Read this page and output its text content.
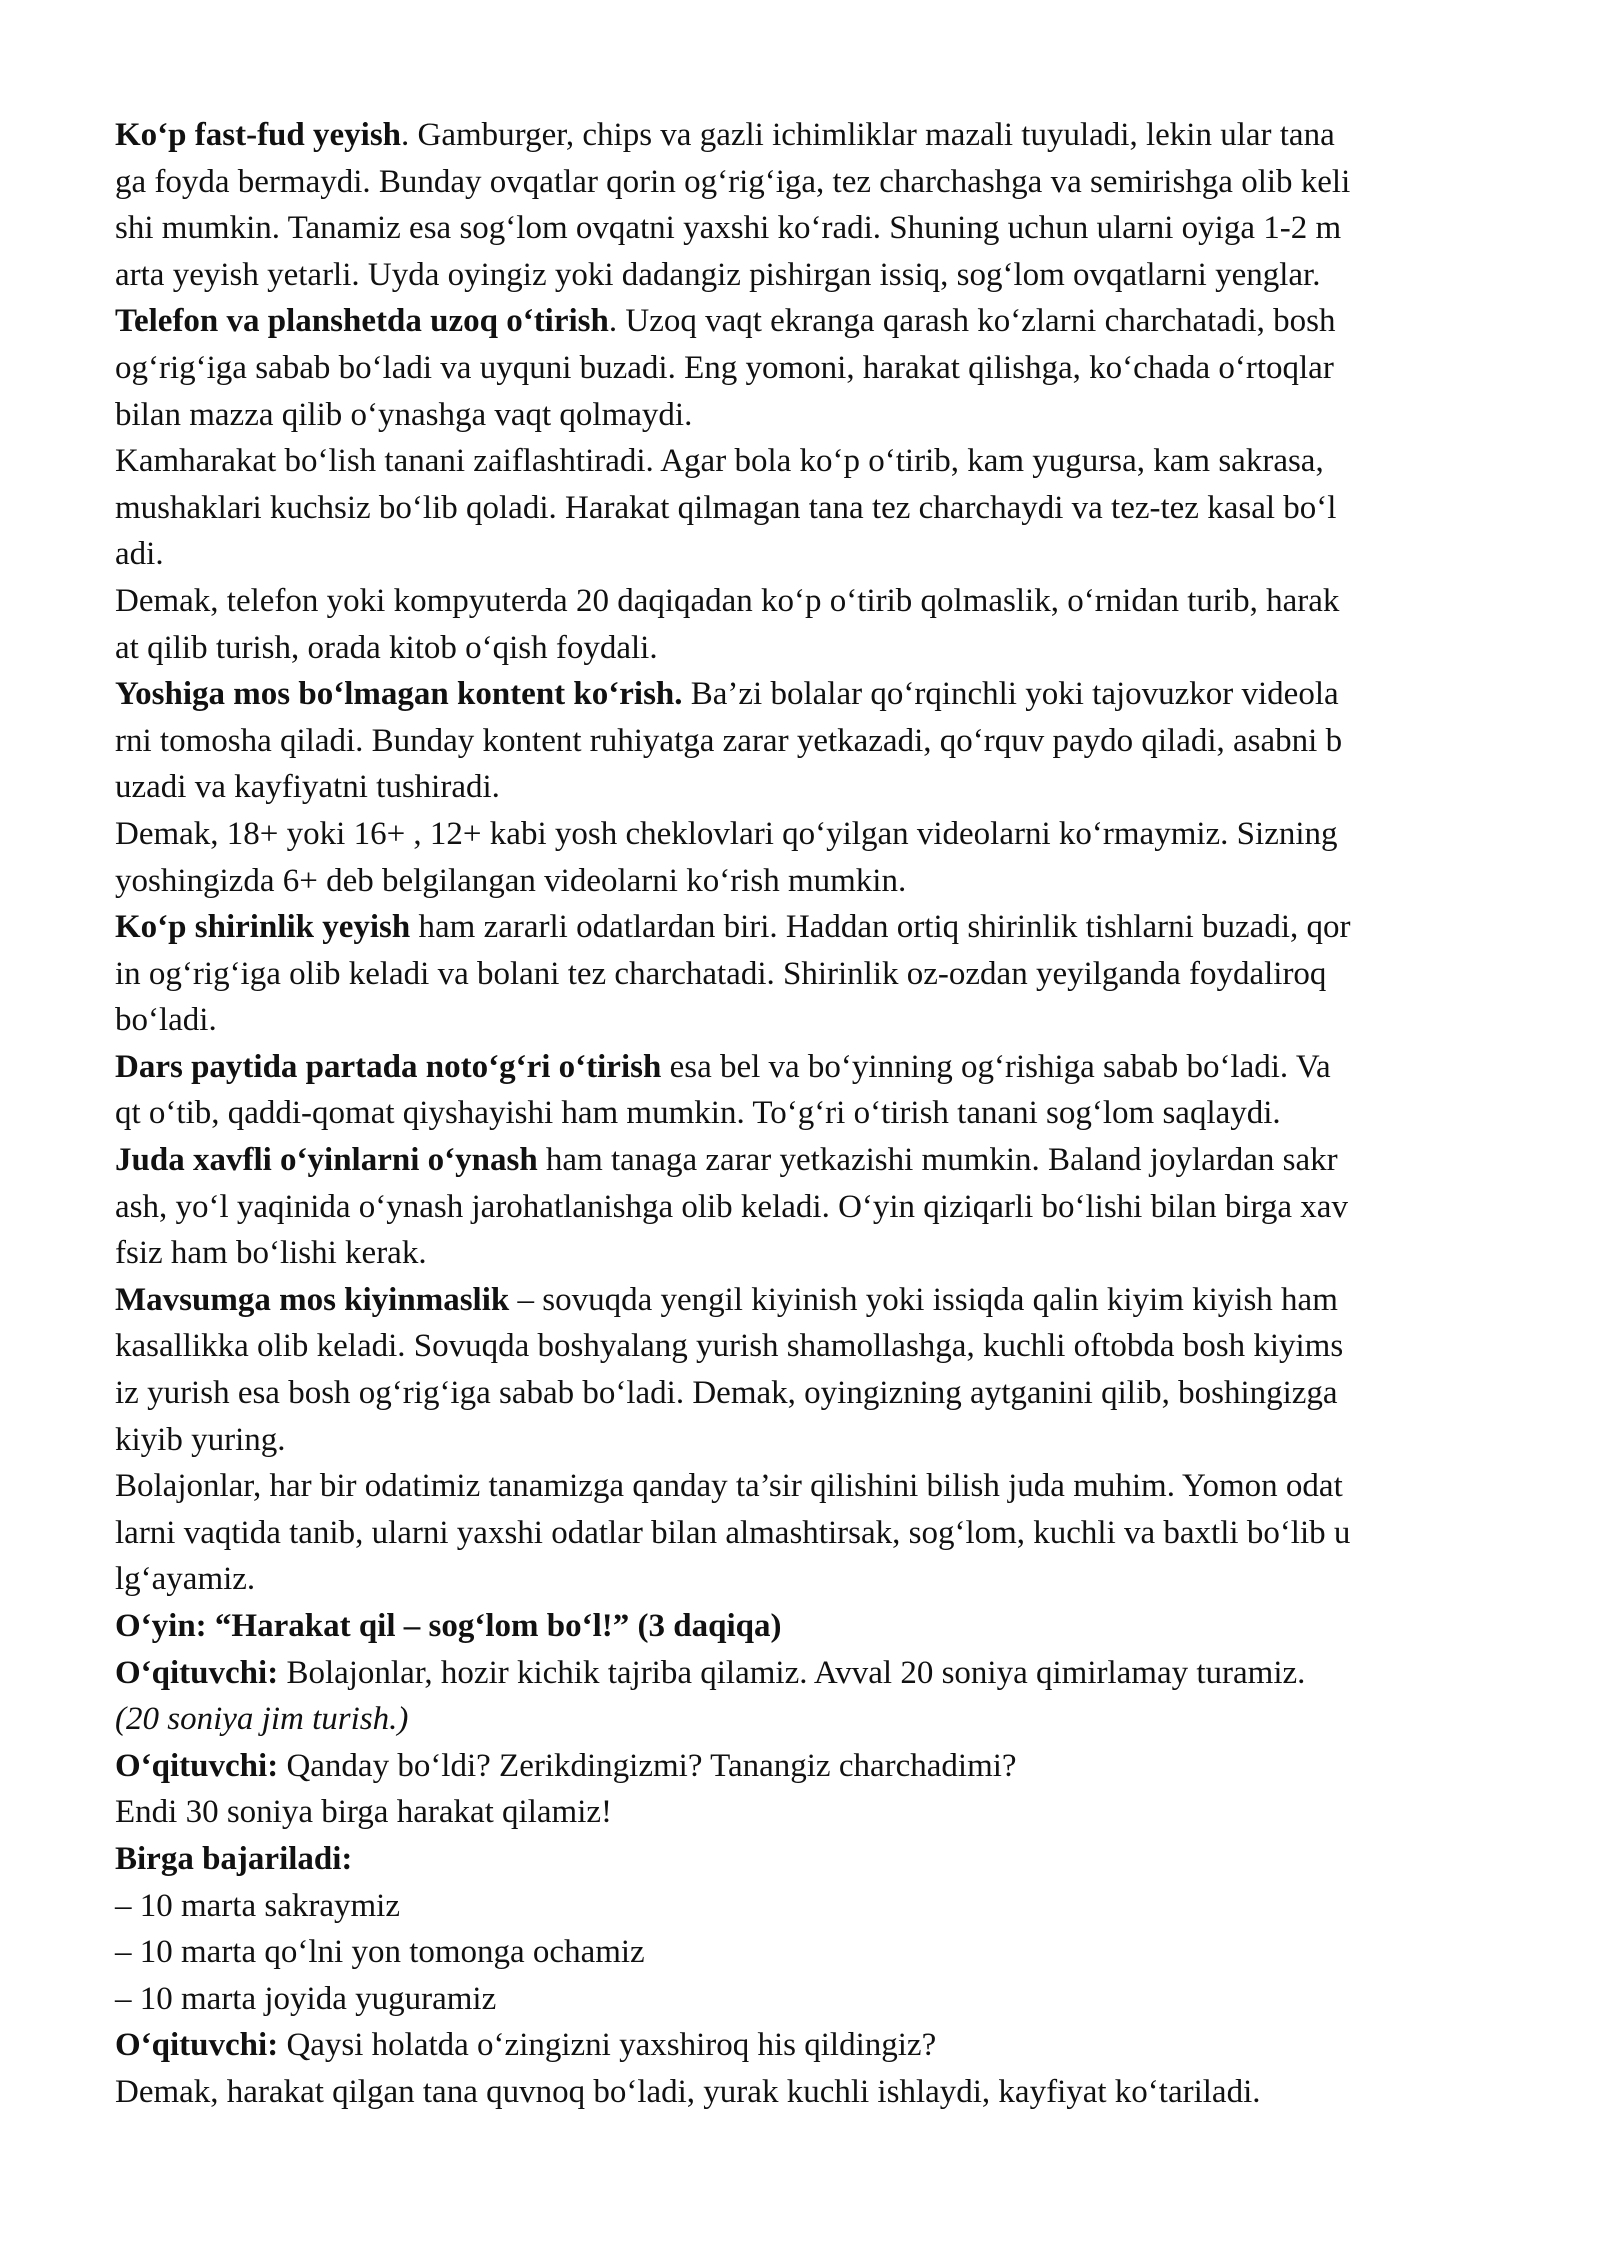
Ko‘p fast-fud yeyish. Gamburger, chips va gazli ichimliklar mazali tuyuladi, lekin ular tana
ga foyda bermaydi. Bunday ovqatlar qorin og‘rig‘iga, tez charchashga va semirishga olib keli
shi mumkin. Tanamiz esa sog‘lom ovqatni yaxshi ko‘radi. Shuning uchun ularni oyiga 1-2 m
arta yeyish yetarli. Uyda oyingiz yoki dadangiz pishirgan issiq, sog‘lom ovqatlarni yenglar.
Telefon va planshetda uzoq o‘tirish. Uzoq vaqt ekranga qarash ko‘zlarni charchatadi, bosh
og‘rig‘iga sabab bo‘ladi va uyquni buzadi. Eng yomoni, harakat qilishga, ko‘chada o‘rtoqlar
bilan mazza qilib o‘ynashga vaqt qolmaydi.
Kamharakat bo‘lish tanani zaiflashtiradi. Agar bola ko‘p o‘tirib, kam yugursa, kam sakrasa,
mushaklari kuchsiz bo‘lib qoladi. Harakat qilmagan tana tez charchaydi va tez-tez kasal bo‘l
adi.
Demak, telefon yoki kompyuterda 20 daqiqadan ko‘p o‘tirib qolmaslik, o‘rnidan turib, harak
at qilib turish, orada kitob o‘qish foydali.
Yoshiga mos bo‘lmagan kontent ko‘rish. Ba’zi bolalar qo‘rqinchli yoki tajovuzkor videola
rni tomosha qiladi. Bunday kontent ruhiyatga zarar yetkazadi, qo‘rquv paydo qiladi, asabni b
uzadi va kayfiyatni tushiradi.
Demak, 18+ yoki 16+ , 12+ kabi yosh cheklovlari qo‘yilgan videolarni ko‘rmaymiz. Sizning
yoshingizda 6+ deb belgilangan videolarni ko‘rish mumkin.
Ko‘p shirinlik yeyish ham zararli odatlardan biri. Haddan ortiq shirinlik tishlarni buzadi, qor
in og‘rig‘iga olib keladi va bolani tez charchatadi. Shirinlik oz-ozdan yeyilganda foydaliroq
bo‘ladi.
Dars paytida partada noto‘g‘ri o‘tirish esa bel va bo‘yinning og‘rishiga sabab bo‘ladi. Va
qt o‘tib, qaddi-qomat qiyshayishi ham mumkin. To‘g‘ri o‘tirish tanani sog‘lom saqlaydi.
Juda xavfli o‘yinlarni o‘ynash ham tanaga zarar yetkazishi mumkin. Baland joylardan sakr
ash, yo‘l yaqinida o‘ynash jarohatlanishga olib keladi. O‘yin qiziqarli bo‘lishi bilan birga xav
fsiz ham bo‘lishi kerak.
Mavsumga mos kiyinmaslik – sovuqda yengil kiyinish yoki issiqda qalin kiyim kiyish ham
kasallikka olib keladi. Sovuqda boshyalang yurish shamollashga, kuchli oftobda bosh kiyims
iz yurish esa bosh og‘rig‘iga sabab bo‘ladi. Demak, oyingizning aytganini qilib, boshingizga
kiyib yuring.
Bolajonlar, har bir odatimiz tanamizga qanday ta’sir qilishini bilish juda muhim. Yomon odat
larni vaqtida tanib, ularni yaxshi odatlar bilan almashtirsak, sog‘lom, kuchli va baxtli bo‘lib u
lg‘ayamiz.
O‘yin: “Harakat qil – sog‘lom bo‘l!” (3 daqiqa)
O‘qituvchi: Bolajonlar, hozir kichik tajriba qilamiz. Avval 20 soniya qimirlamay turamiz.
(20 soniya jim turish.)
O‘qituvchi: Qanday bo‘ldi? Zerikdingizmi? Tanangiz charchadimi?
Endi 30 soniya birga harakat qilamiz!
Birga bajariladi:
– 10 marta sakraymiz
– 10 marta qo‘lni yon tomonga ochamiz
– 10 marta joyida yuguramiz
O‘qituvchi: Qaysi holatda o‘zingizni yaxshiroq his qildingiz?
Demak, harakat qilgan tana quvnoq bo‘ladi, yurak kuchli ishlaydi, kayfiyat ko‘tariladi.
